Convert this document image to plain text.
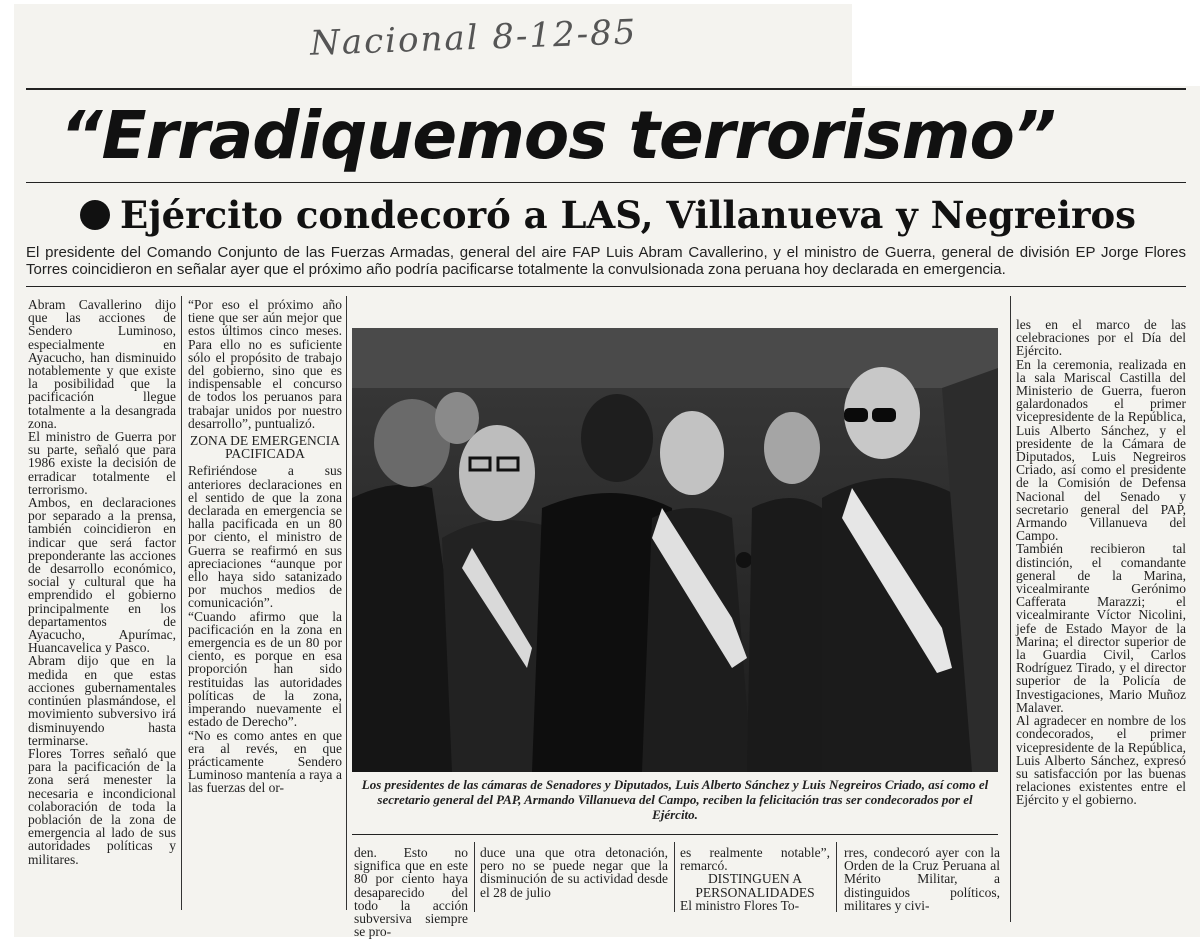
Nacional 8-12-85
“Erradiquemos terrorismo”
Ejército condecoró a LAS, Villanueva y Negreiros
El presidente del Comando Conjunto de las Fuerzas Armadas, general del aire FAP Luis Abram Cavallerino, y el ministro de Guerra, general de división EP Jorge Flores Torres coincidieron en señalar ayer que el próximo año podría pacificarse totalmente la convulsionada zona peruana hoy declarada en emergencia.

Abram Cavallerino dijo que las acciones de Sendero Luminoso, especialmente en Ayacucho, han disminuido notablemente y que existe la posibilidad que la pacificación llegue totalmente a la desangrada zona.

El ministro de Guerra por su parte, señaló que para 1986 existe la decisión de erradicar totalmente el terrorismo.

Ambos, en declaraciones por separado a la prensa, también coincidieron en indicar que será factor preponderante las acciones de desarrollo económico, social y cultural que ha emprendido el gobierno principalmente en los departamentos de Ayacucho, Apurímac, Huancavelica y Pasco.

Abram dijo que en la medida en que estas acciones gubernamentales continúen plasmándose, el movimiento subversivo irá disminuyendo hasta terminarse.

Flores Torres señaló que para la pacificación de la zona será menester la necesaria e incondicional colaboración de toda la población de la zona de emergencia al lado de sus autoridades políticas y militares.

“Por eso el próximo año tiene que ser aún mejor que estos últimos cinco meses. Para ello no es suficiente sólo el propósito de trabajo del gobierno, sino que es indispensable el concurso de todos los peruanos para trabajar unidos por nuestro desarrollo”, puntualizó.

ZONA DE EMERGENCIA PACIFICADA

Refiriéndose a sus anteriores declaraciones en el sentido de que la zona declarada en emergencia se halla pacificada en un 80 por ciento, el ministro de Guerra se reafirmó en sus apreciaciones “aunque por ello haya sido satanizado por muchos medios de comunicación”.

“Cuando afirmo que la pacificación en la zona en emergencia es de un 80 por ciento, es porque en esa proporción han sido restituidas las autoridades políticas de la zona, imperando nuevamente el estado de Derecho”.

“No es como antes en que era al revés, en que prácticamente Sendero Luminoso mantenía a raya a las fuerzas del or-	Los presidentes de las cámaras de Senadores y Diputados, Luis Alberto Sánchez y Luis Negreiros Criado, así como el secretario general del PAP, Armando Villanueva del Campo, reciben la felicitación tras ser condecorados por el Ejército.
den. Esto no significa que en este 80 por ciento haya desaparecido del todo la acción subversiva siempre se pro-
duce una que otra detonación, pero no se puede negar que la disminución de su actividad desde el 28 de julio

es realmente notable”, remarcó.

DISTINGUEN A PERSONALIDADES

El ministro Flores To-

rres, condecoró ayer con la Orden de la Cruz Peruana al Mérito Militar, a distinguidos políticos, militares y civi-

les en el marco de las celebraciones por el Día del Ejército.

En la ceremonia, realizada en la sala Mariscal Castilla del Ministerio de Guerra, fueron galardonados el primer vicepresidente de la República, Luis Alberto Sánchez, y el presidente de la Cámara de Diputados, Luis Negreiros Criado, así como el presidente de la Comisión de Defensa Nacional del Senado y secretario general del PAP, Armando Villanueva del Campo.

También recibieron tal distinción, el comandante general de la Marina, vicealmirante Gerónimo Cafferata Marazzi; el vicealmirante Víctor Nicolini, jefe de Estado Mayor de la Marina; el director superior de la Guardia Civil, Carlos Rodríguez Tirado, y el director superior de la Policía de Investigaciones, Mario Muñoz Malaver.

Al agradecer en nombre de los condecorados, el primer vicepresidente de la República, Luis Alberto Sánchez, expresó su satisfacción por las buenas relaciones existentes entre el Ejército y el gobierno.
